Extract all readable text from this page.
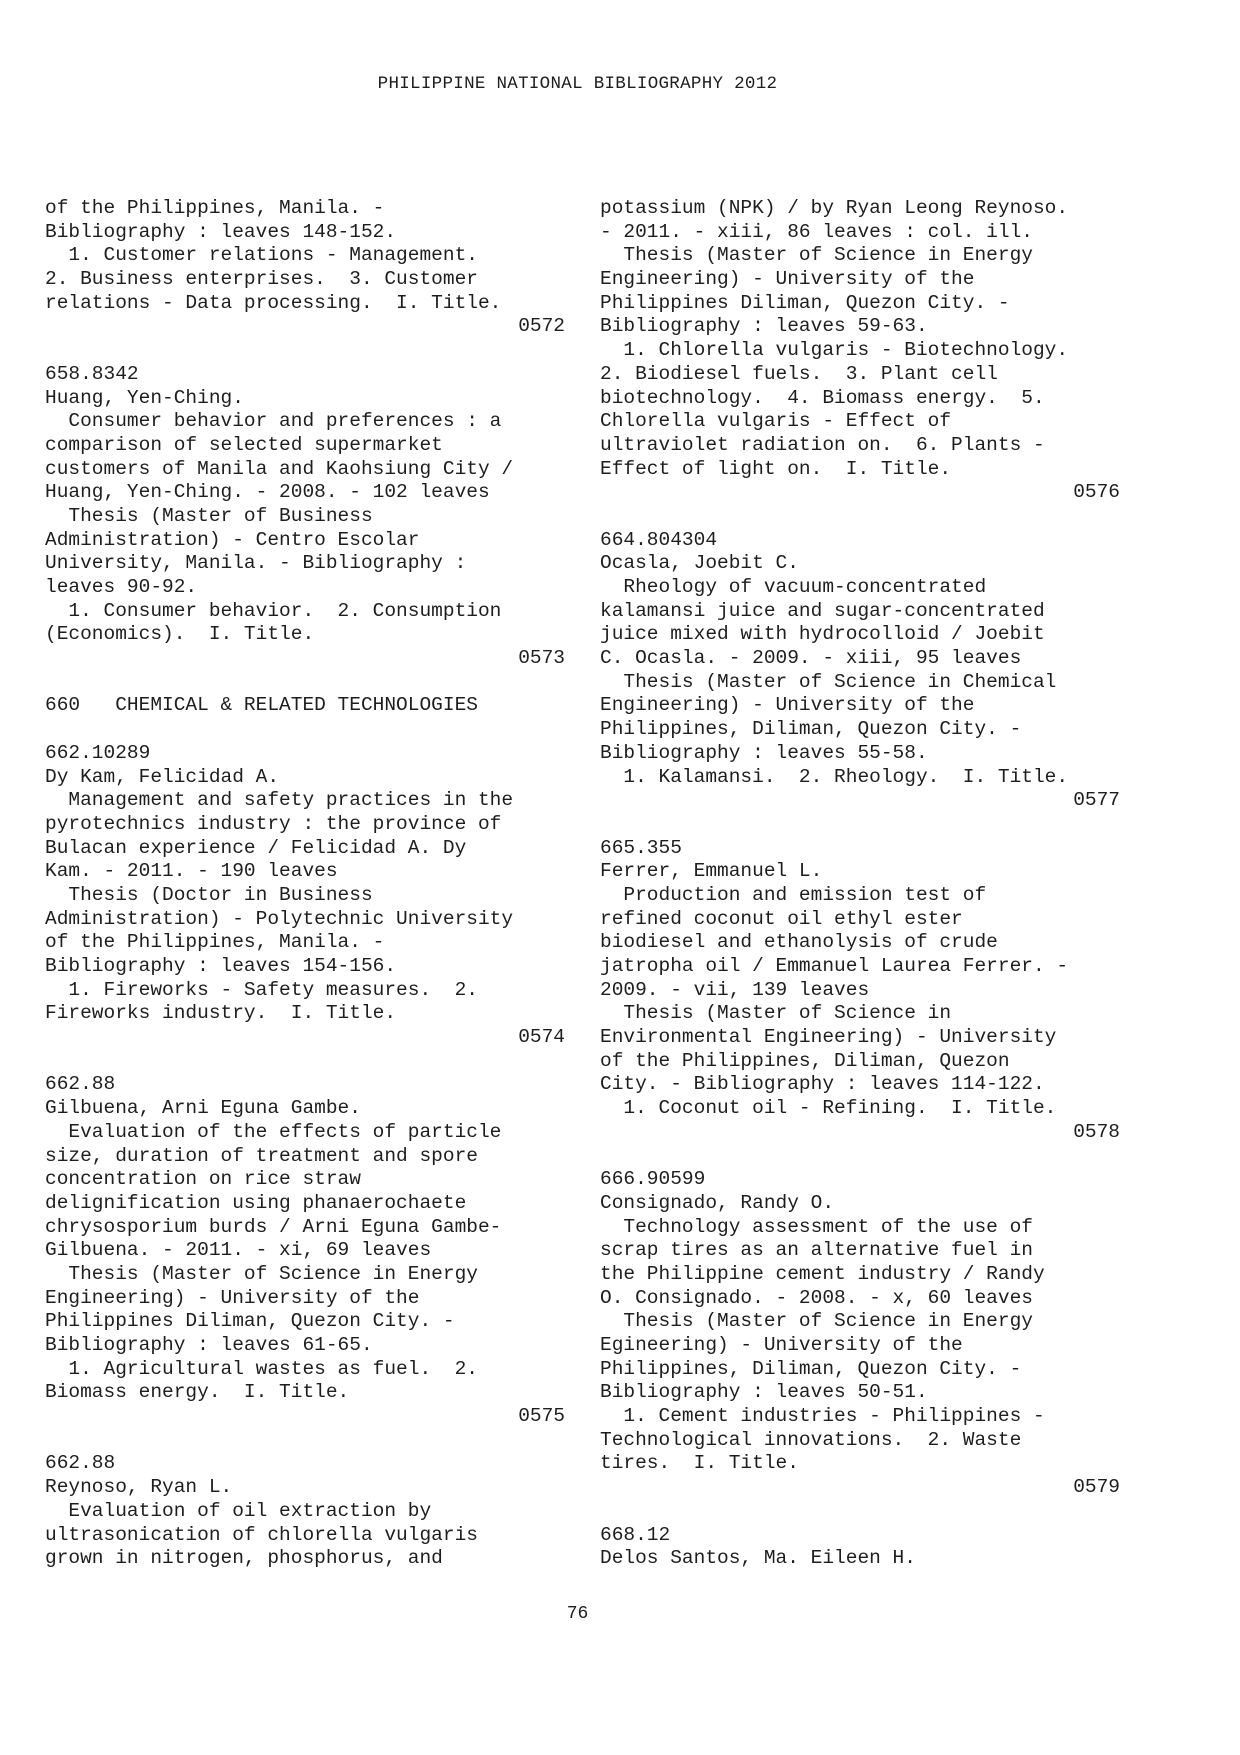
PHILIPPINE NATIONAL BIBLIOGRAPHY 2012
of the Philippines, Manila. -
Bibliography : leaves 148-152.
1. Customer relations - Management.
2. Business enterprises.  3. Customer
relations - Data processing.  I. Title.
0572
658.8342
Huang, Yen-Ching.
Consumer behavior and preferences : a
comparison of selected supermarket
customers of Manila and Kaohsiung City /
Huang, Yen-Ching. - 2008. - 102 leaves
Thesis (Master of Business
Administration) - Centro Escolar
University, Manila. - Bibliography :
leaves 90-92.
1. Consumer behavior.  2. Consumption
(Economics).  I. Title.
0573
660   CHEMICAL & RELATED TECHNOLOGIES
662.10289
Dy Kam, Felicidad A.
Management and safety practices in the
pyrotechnics industry : the province of
Bulacan experience / Felicidad A. Dy
Kam. - 2011. - 190 leaves
Thesis (Doctor in Business
Administration) - Polytechnic University
of the Philippines, Manila. -
Bibliography : leaves 154-156.
1. Fireworks - Safety measures.  2.
Fireworks industry.  I. Title.
0574
662.88
Gilbuena, Arni Eguna Gambe.
Evaluation of the effects of particle
size, duration of treatment and spore
concentration on rice straw
delignification using phanaerochaete
chrysosporium burds / Arni Eguna Gambe-
Gilbuena. - 2011. - xi, 69 leaves
Thesis (Master of Science in Energy
Engineering) - University of the
Philippines Diliman, Quezon City. -
Bibliography : leaves 61-65.
1. Agricultural wastes as fuel.  2.
Biomass energy.  I. Title.
0575
662.88
Reynoso, Ryan L.
Evaluation of oil extraction by
ultrasonication of chlorella vulgaris
grown in nitrogen, phosphorus, and
potassium (NPK) / by Ryan Leong Reynoso.
- 2011. - xiii, 86 leaves : col. ill.
Thesis (Master of Science in Energy
Engineering) - University of the
Philippines Diliman, Quezon City. -
Bibliography : leaves 59-63.
1. Chlorella vulgaris - Biotechnology.
2. Biodiesel fuels.  3. Plant cell
biotechnology.  4. Biomass energy.  5.
Chlorella vulgaris - Effect of
ultraviolet radiation on.  6. Plants -
Effect of light on.  I. Title.
0576
664.804304
Ocasla, Joebit C.
Rheology of vacuum-concentrated
kalamansi juice and sugar-concentrated
juice mixed with hydrocolloid / Joebit
C. Ocasla. - 2009. - xiii, 95 leaves
Thesis (Master of Science in Chemical
Engineering) - University of the
Philippines, Diliman, Quezon City. -
Bibliography : leaves 55-58.
1. Kalamansi.  2. Rheology.  I. Title.
0577
665.355
Ferrer, Emmanuel L.
Production and emission test of
refined coconut oil ethyl ester
biodiesel and ethanolysis of crude
jatropha oil / Emmanuel Laurea Ferrer. -
2009. - vii, 139 leaves
Thesis (Master of Science in
Environmental Engineering) - University
of the Philippines, Diliman, Quezon
City. - Bibliography : leaves 114-122.
1. Coconut oil - Refining.  I. Title.
0578
666.90599
Consignado, Randy O.
Technology assessment of the use of
scrap tires as an alternative fuel in
the Philippine cement industry / Randy
O. Consignado. - 2008. - x, 60 leaves
Thesis (Master of Science in Energy
Egineering) - University of the
Philippines, Diliman, Quezon City. -
Bibliography : leaves 50-51.
1. Cement industries - Philippines -
Technological innovations.  2. Waste
tires.  I. Title.
0579
668.12
Delos Santos, Ma. Eileen H.
76
